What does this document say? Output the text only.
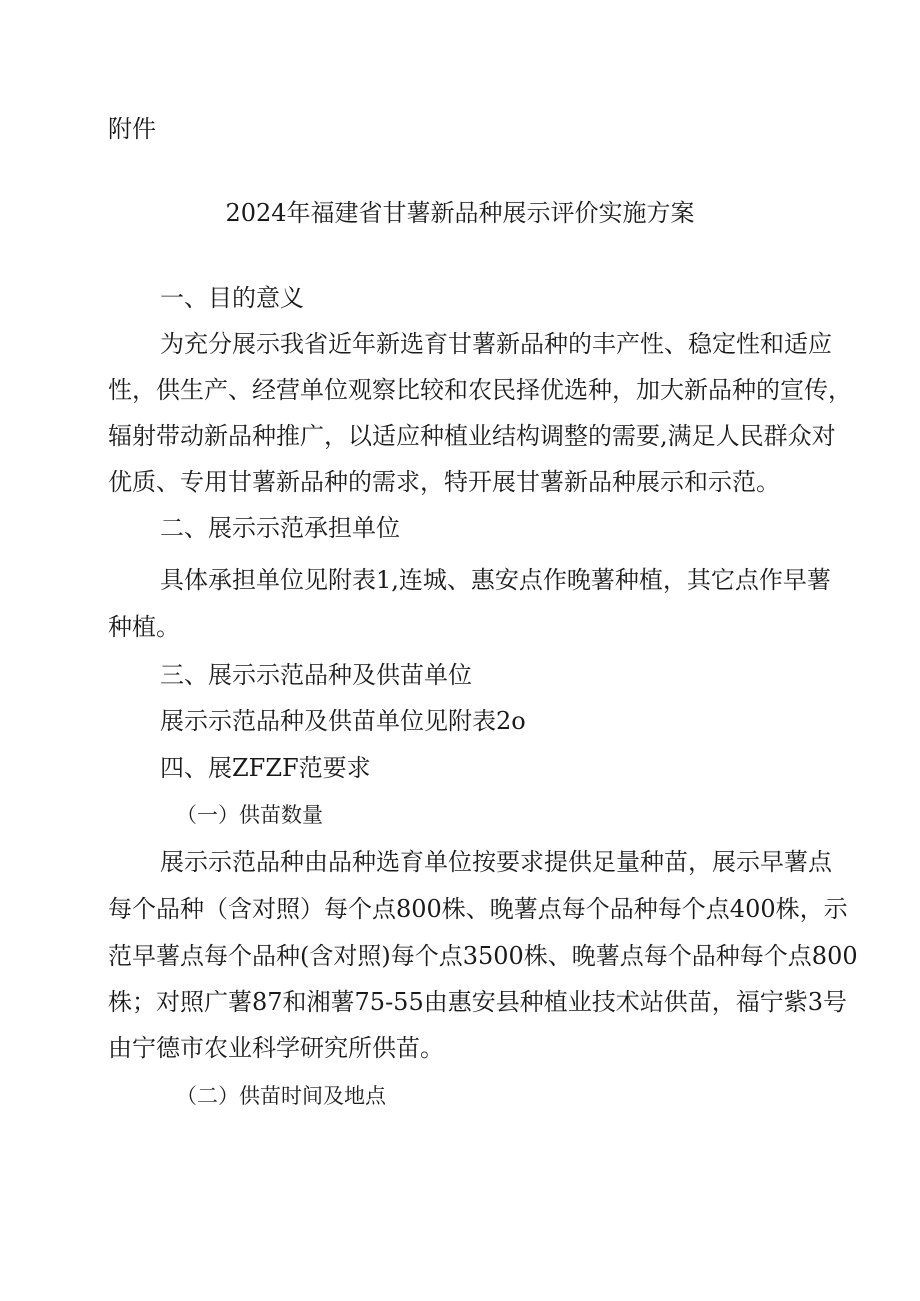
附件
2024年福建省甘薯新品种展示评价实施方案
一、目的意义
为充分展示我省近年新选育甘薯新品种的丰产性、稳定性和适应
性，供生产、经营单位观察比较和农民择优选种，加大新品种的宣传，
辐射带动新品种推广，以适应种植业结构调整的需要,满足人民群众对
优质、专用甘薯新品种的需求，特开展甘薯新品种展示和示范。
二、展示示范承担单位
具体承担单位见附表1,连城、惠安点作晚薯种植，其它点作早薯
种植。
三、展示示范品种及供苗单位
展示示范品种及供苗单位见附表2o
四、展ZFZF范要求
（一）供苗数量
展示示范品种由品种选育单位按要求提供足量种苗，展示早薯点
每个品种（含对照）每个点800株、晚薯点每个品种每个点400株，示
范早薯点每个品种(含对照)每个点3500株、晚薯点每个品种每个点800
株；对照广薯87和湘薯75-55由惠安县种植业技术站供苗，福宁紫3号
由宁德市农业科学研究所供苗。
（二）供苗时间及地点
